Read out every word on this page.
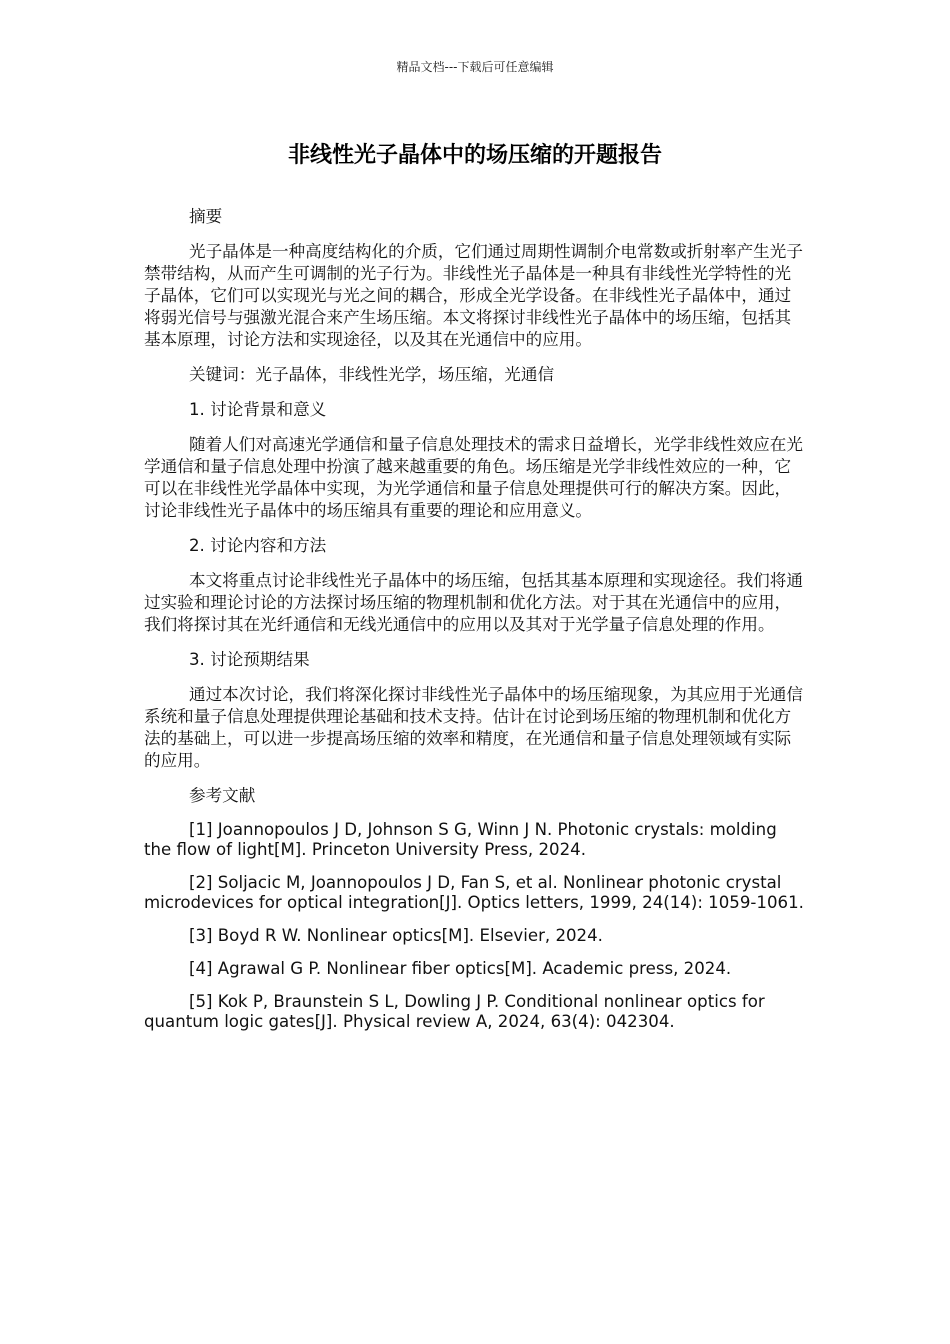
精品文档---下载后可任意编辑
非线性光子晶体中的场压缩的开题报告

摘要

光子晶体是一种高度结构化的介质，它们通过周期性调制介电常数或折射率产生光子禁带结构，从而产生可调制的光子行为。非线性光子晶体是一种具有非线性光学特性的光子晶体，它们可以实现光与光之间的耦合，形成全光学设备。在非线性光子晶体中，通过将弱光信号与强激光混合来产生场压缩。本文将探讨非线性光子晶体中的场压缩，包括其基本原理，讨论方法和实现途径，以及其在光通信中的应用。

关键词：光子晶体，非线性光学，场压缩，光通信

1. 讨论背景和意义

随着人们对高速光学通信和量子信息处理技术的需求日益增长，光学非线性效应在光学通信和量子信息处理中扮演了越来越重要的角色。场压缩是光学非线性效应的一种，它可以在非线性光学晶体中实现，为光学通信和量子信息处理提供可行的解决方案。因此，讨论非线性光子晶体中的场压缩具有重要的理论和应用意义。

2. 讨论内容和方法

本文将重点讨论非线性光子晶体中的场压缩，包括其基本原理和实现途径。我们将通过实验和理论讨论的方法探讨场压缩的物理机制和优化方法。对于其在光通信中的应用，我们将探讨其在光纤通信和无线光通信中的应用以及其对于光学量子信息处理的作用。

3. 讨论预期结果

通过本次讨论，我们将深化探讨非线性光子晶体中的场压缩现象，为其应用于光通信系统和量子信息处理提供理论基础和技术支持。估计在讨论到场压缩的物理机制和优化方法的基础上，可以进一步提高场压缩的效率和精度，在光通信和量子信息处理领域有实际的应用。

参考文献

[1] Joannopoulos J D, Johnson S G, Winn J N. Photonic crystals: molding the flow of light[M]. Princeton University Press, 2024.

[2] Soljacic M, Joannopoulos J D, Fan S, et al. Nonlinear photonic crystal microdevices for optical integration[J]. Optics letters, 1999, 24(14): 1059-1061.

[3] Boyd R W. Nonlinear optics[M]. Elsevier, 2024.

[4] Agrawal G P. Nonlinear fiber optics[M]. Academic press, 2024.

[5] Kok P, Braunstein S L, Dowling J P. Conditional nonlinear optics for quantum logic gates[J]. Physical review A, 2024, 63(4): 042304.
